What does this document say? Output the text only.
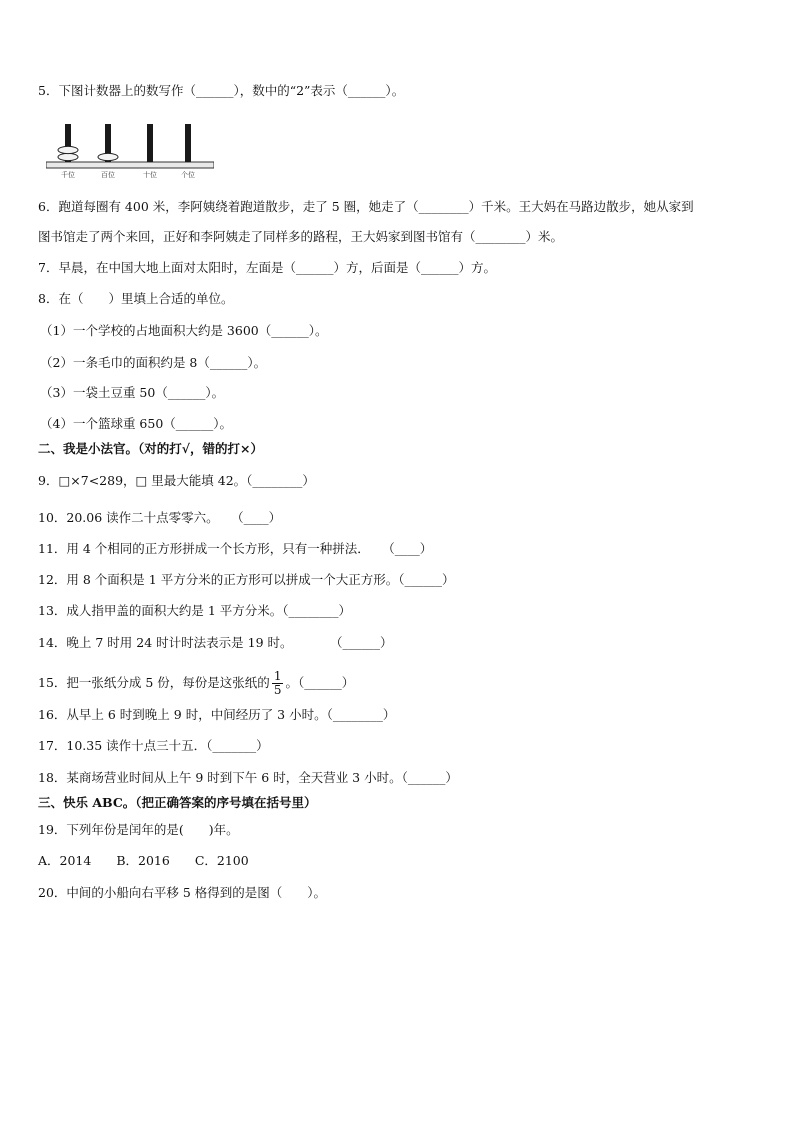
5．下图计数器上的数写作（______），数中的“2”表示（______）。
千位	百位	十位	个位
6．跑道每圈有 400 米，李阿姨绕着跑道散步，走了 5 圈，她走了（________）千米。王大妈在马路边散步，她从家到
图书馆走了两个来回，正好和李阿姨走了同样多的路程，王大妈家到图书馆有（________）米。
7．早晨，在中国大地上面对太阳时，左面是（______）方，后面是（______）方。
8．在（　　）里填上合适的单位。
（1）一个学校的占地面积大约是 3600（______）。
（2）一条毛巾的面积约是 8（______）。
（3）一袋土豆重 50（______）。
（4）一个篮球重 650（______）。
二、我是小法官。（对的打√，错的打×）
9．□×7<289，□ 里最大能填 42。（________）
10．20.06 读作二十点零零六。　　（____）
11．用 4 个相同的正方形拼成一个长方形，只有一种拼法．　　（____）
12．用 8 个面积是 1 平方分米的正方形可以拼成一个大正方形。（______）
13．成人指甲盖的面积大约是 1 平方分米。（________）
14．晚上 7 时用 24 时计时法表示是 19 时。　　　　（______）
15．把一张纸分成 5 份，每份是这张纸的 $\frac{1}{5}$ 。（______）
16．从早上 6 时到晚上 9 时，中间经历了 3 小时。（________）
17．10.35 读作十点三十五．（_______）
18．某商场营业时间从上午 9 时到下午 6 时，全天营业 3 小时。（______）
三、快乐 ABC。（把正确答案的序号填在括号里）
19．下列年份是闰年的是(　　)年。
A．2014　　B．2016　　C．2100
20．中间的小船向右平移 5 格得到的是图（　　）。
